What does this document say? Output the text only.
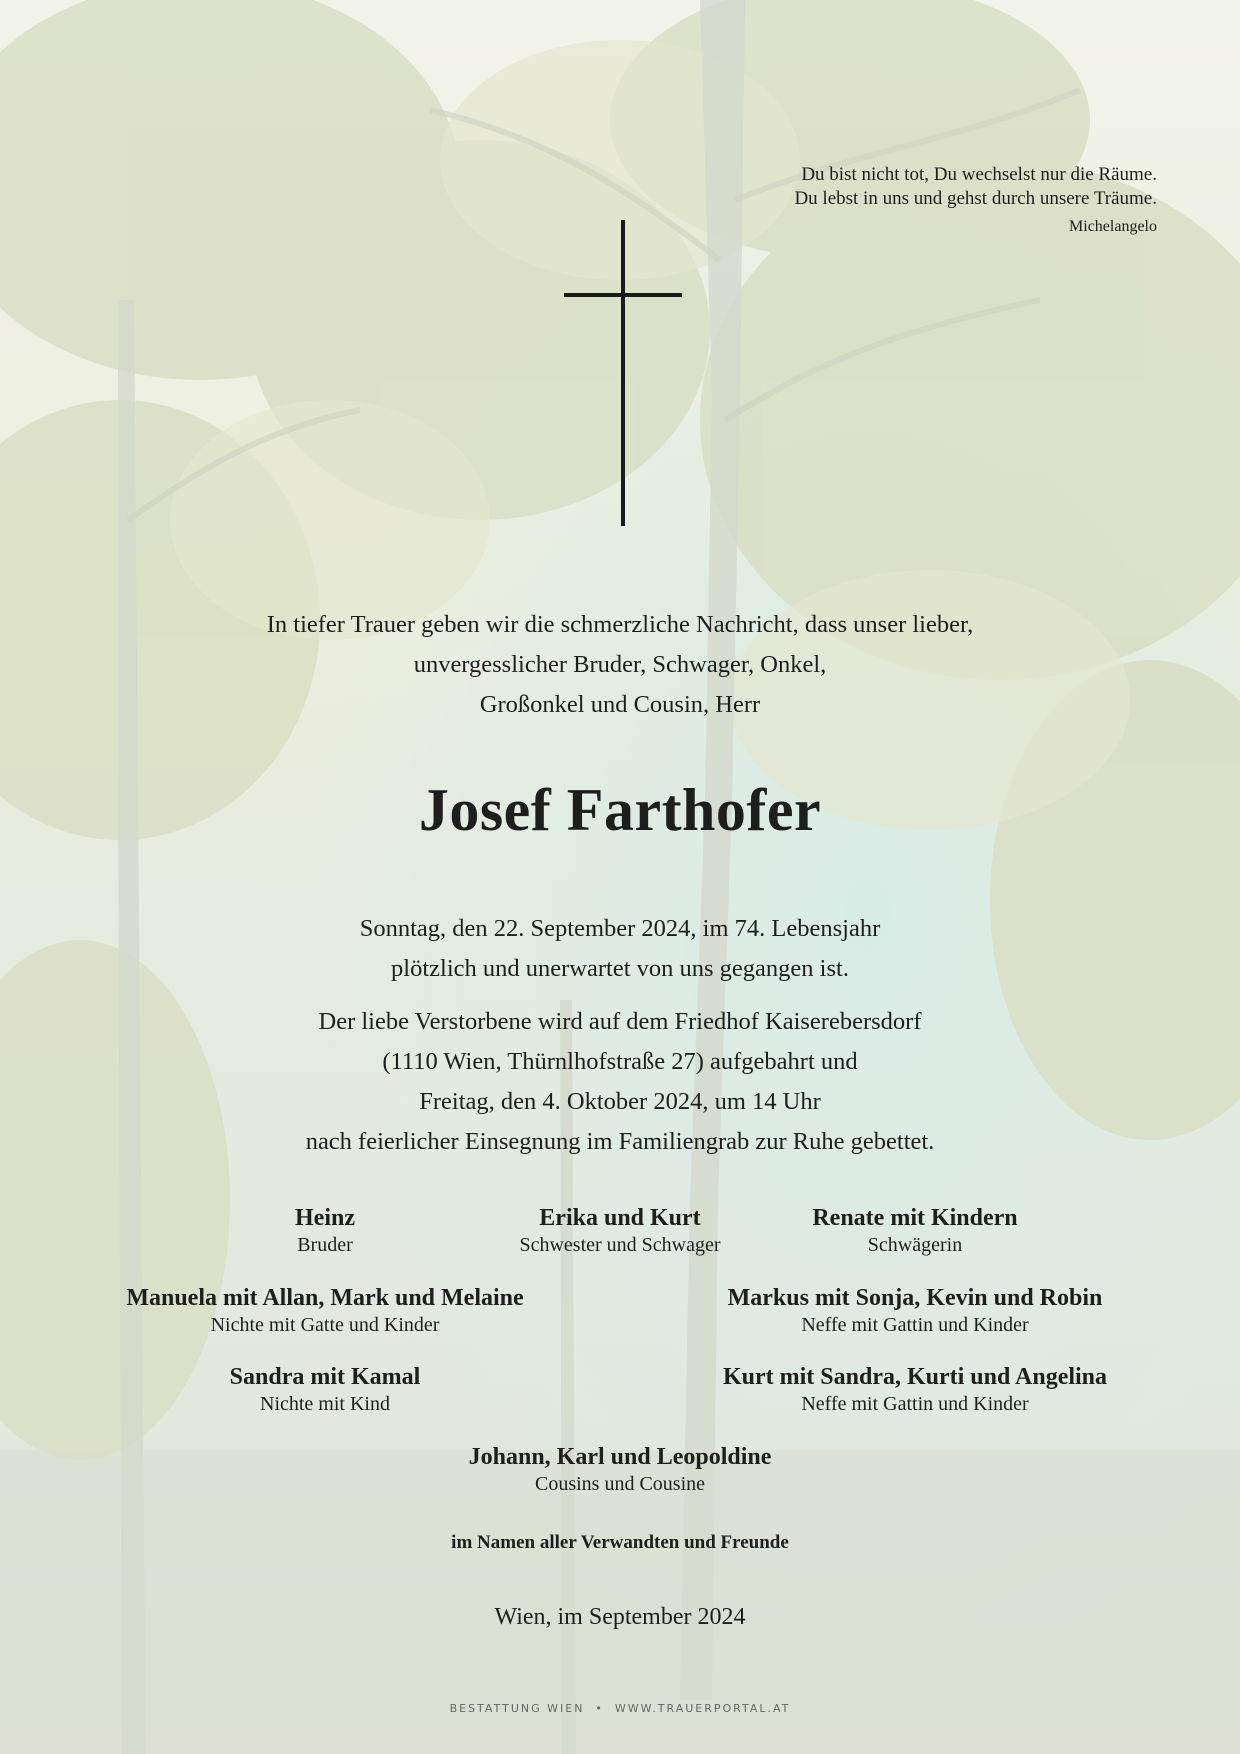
Du bist nicht tot, Du wechselst nur die Räume.
Du lebst in uns und gehst durch unsere Träume.
Michelangelo
In tiefer Trauer geben wir die schmerzliche Nachricht, dass unser lieber,
unvergesslicher Bruder, Schwager, Onkel,
Großonkel und Cousin, Herr
Josef Farthofer
Sonntag, den 22. September 2024, im 74. Lebensjahr
plötzlich und unerwartet von uns gegangen ist.
Der liebe Verstorbene wird auf dem Friedhof Kaiserebersdorf
(1110 Wien, Thürnlhofstraße 27) aufgebahrt und
Freitag, den 4. Oktober 2024, um 14 Uhr
nach feierlicher Einsegnung im Familiengrab zur Ruhe gebettet.
Heinz
Bruder
Erika und Kurt
Schwester und Schwager
Renate mit Kindern
Schwägerin
Manuela mit Allan, Mark und Melaine
Nichte mit Gatte und Kinder
Markus mit Sonja, Kevin und Robin
Neffe mit Gattin und Kinder
Sandra mit Kamal
Nichte mit Kind
Kurt mit Sandra, Kurti und Angelina
Neffe mit Gattin und Kinder
Johann, Karl und Leopoldine
Cousins und Cousine
im Namen aller Verwandten und Freunde
Wien, im September 2024
BESTATTUNG WIEN  •  WWW.TRAUERPORTAL.AT
